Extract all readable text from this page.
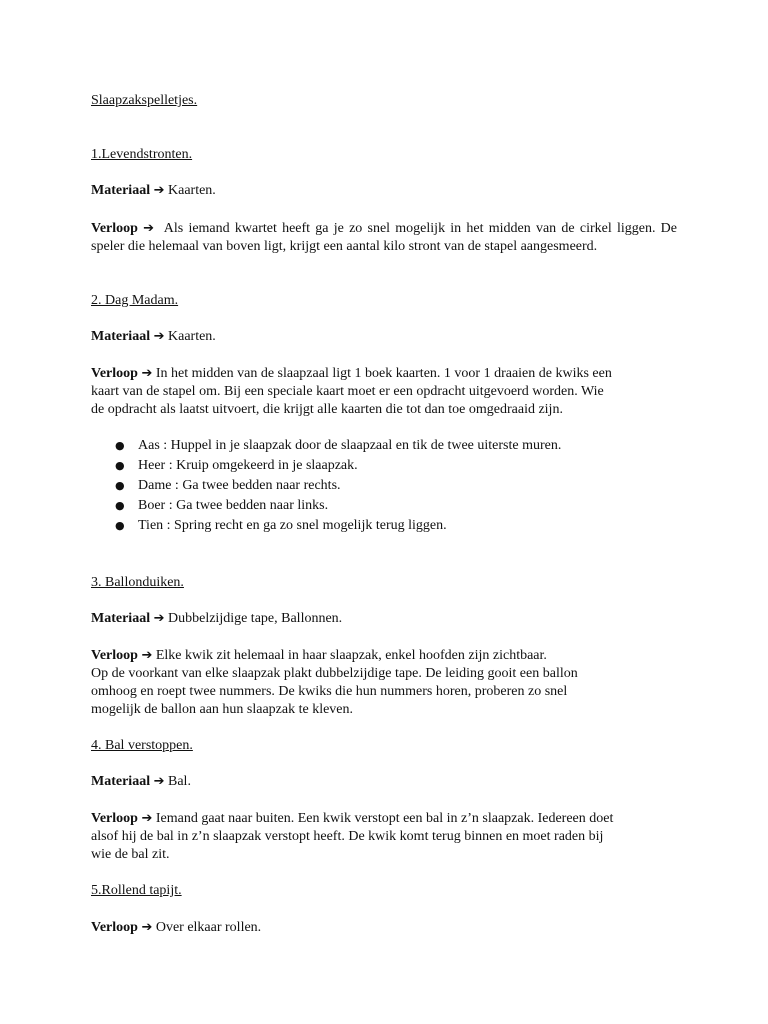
Slaapzakspelletjes.
1.Levendstronten.
Materiaal ➔ Kaarten.
Verloop ➔ Als iemand kwartet heeft ga je zo snel mogelijk in het midden van de cirkel liggen. De speler die helemaal van boven ligt, krijgt een aantal kilo stront van de stapel aangesmeerd.
2. Dag Madam.
Materiaal ➔ Kaarten.
Verloop ➔ In het midden van de slaapzaal ligt 1 boek kaarten. 1 voor 1 draaien de kwiks een
kaart van de stapel om. Bij een speciale kaart moet er een opdracht uitgevoerd worden. Wie
de opdracht als laatst uitvoert, die krijgt alle kaarten die tot dan toe omgedraaid zijn.
● Aas : Huppel in je slaapzak door de slaapzaal en tik de twee uiterste muren.
● Heer : Kruip omgekeerd in je slaapzak.
● Dame : Ga twee bedden naar rechts.
● Boer : Ga twee bedden naar links.
● Tien : Spring recht en ga zo snel mogelijk terug liggen.
3. Ballonduiken.
Materiaal ➔ Dubbelzijdige tape, Ballonnen.
Verloop ➔ Elke kwik zit helemaal in haar slaapzak, enkel hoofden zijn zichtbaar.
Op de voorkant van elke slaapzak plakt dubbelzijdige tape. De leiding gooit een ballon
omhoog en roept twee nummers. De kwiks die hun nummers horen, proberen zo snel
mogelijk de ballon aan hun slaapzak te kleven.
4. Bal verstoppen.
Materiaal ➔ Bal.
Verloop ➔ Iemand gaat naar buiten. Een kwik verstopt een bal in z’n slaapzak. Iedereen doet
alsof hij de bal in z’n slaapzak verstopt heeft. De kwik komt terug binnen en moet raden bij
wie de bal zit.
5.Rollend tapijt.
Verloop ➔ Over elkaar rollen.
